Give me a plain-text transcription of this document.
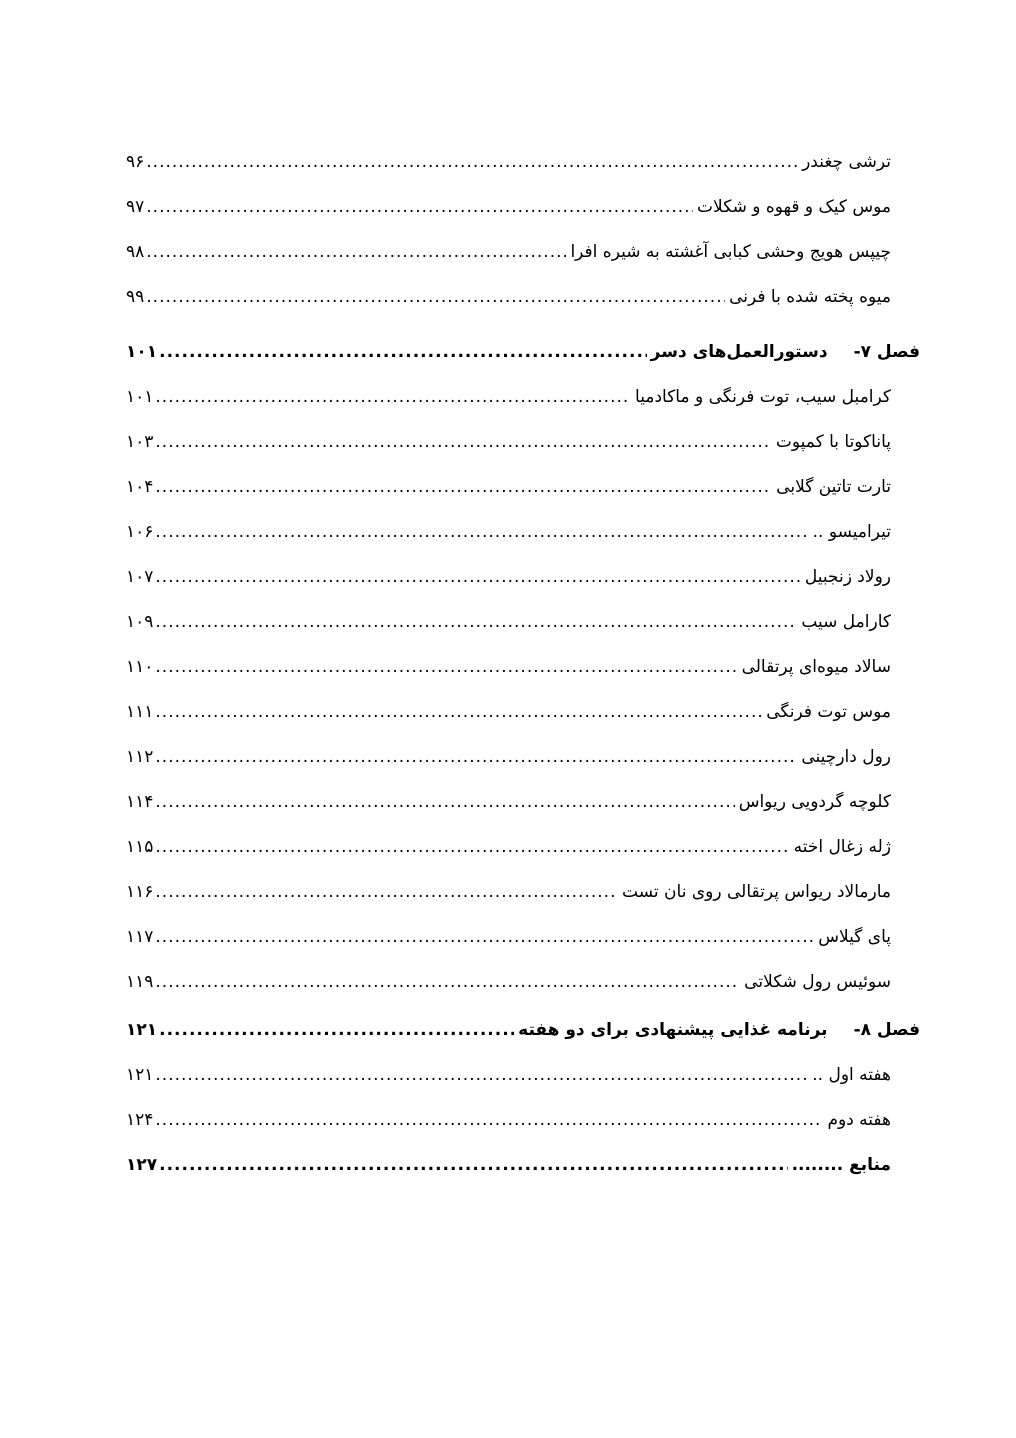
ترشی چغندر
.....
۹۶
موس کیک و قهوه و شکلات
.....
۹۷
چیپس هویج وحشی کبابی آغشته به شیره افرا
.....
۹۸
میوه پخته شده با فرنی
.....
۹۹
فصل ۷-
دستورالعمل‌های دسر
.....
۱۰۱
کرامبل سیب، توت فرنگی و ماکادمیا
.....
۱۰۱
پاناکوتا با کمپوت
.....
۱۰۳
تارت تاتین گلابی
.....
۱۰۴
تیرامیسو ..
.....
۱۰۶
رولاد زنجبیل
.....
۱۰۷
کارامل سیب
.....
۱۰۹
سالاد میوه‌ای پرتقالی
.....
۱۱۰
موس توت فرنگی
.....
۱۱۱
رول دارچینی
.....
۱۱۲
کلوچه گردویی ریواس
.....
۱۱۴
ژله زغال اخته
.....
۱۱۵
مارمالاد ریواس پرتقالی روی نان تست
.....
۱۱۶
پای گیلاس
.....
۱۱۷
سوئیس رول شکلاتی
.....
۱۱۹
فصل ۸-
برنامه غذایی پیشنهادی برای دو هفته
.....
۱۲۱
هفته اول ..
.....
۱۲۱
هفته دوم
.....
۱۲۴
منابع ........
.....
۱۲۷
